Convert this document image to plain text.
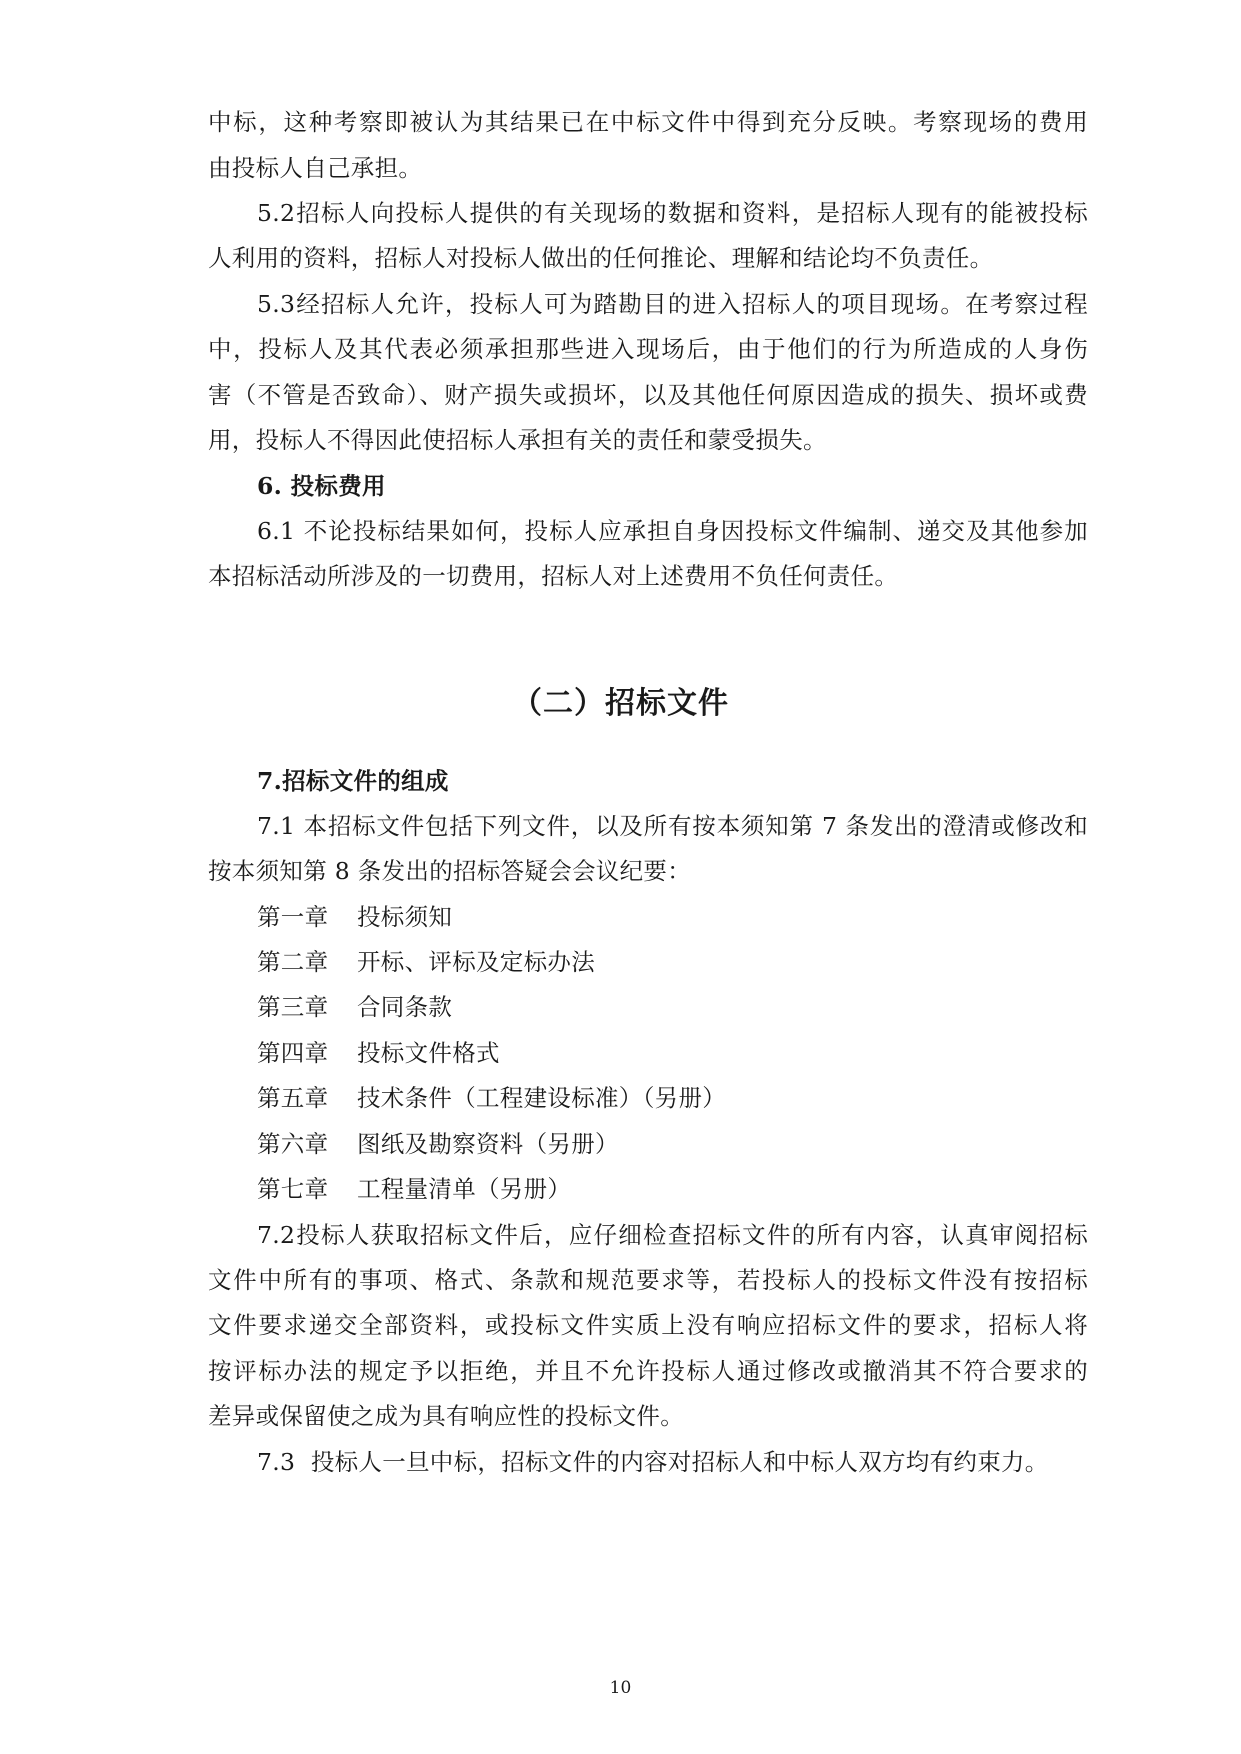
中标，这种考察即被认为其结果已在中标文件中得到充分反映。考察现场的费用
由投标人自己承担。
5.2招标人向投标人提供的有关现场的数据和资料，是招标人现有的能被投标
人利用的资料，招标人对投标人做出的任何推论、理解和结论均不负责任。
5.3经招标人允许，投标人可为踏勘目的进入招标人的项目现场。在考察过程
中，投标人及其代表必须承担那些进入现场后，由于他们的行为所造成的人身伤
害（不管是否致命）、财产损失或损坏，以及其他任何原因造成的损失、损坏或费
用，投标人不得因此使招标人承担有关的责任和蒙受损失。
6. 投标费用
6.1 不论投标结果如何，投标人应承担自身因投标文件编制、递交及其他参加
本招标活动所涉及的一切费用，招标人对上述费用不负任何责任。
（二）招标文件
7.招标文件的组成
7.1 本招标文件包括下列文件，以及所有按本须知第 7 条发出的澄清或修改和
按本须知第 8 条发出的招标答疑会会议纪要：
第一章 投标须知
第二章 开标、评标及定标办法
第三章 合同条款
第四章 投标文件格式
第五章 技术条件（工程建设标准）（另册）
第六章 图纸及勘察资料（另册）
第七章 工程量清单（另册）
7.2投标人获取招标文件后，应仔细检查招标文件的所有内容，认真审阅招标
文件中所有的事项、格式、条款和规范要求等，若投标人的投标文件没有按招标
文件要求递交全部资料，或投标文件实质上没有响应招标文件的要求，招标人将
按评标办法的规定予以拒绝，并且不允许投标人通过修改或撤消其不符合要求的
差异或保留使之成为具有响应性的投标文件。
7.3  投标人一旦中标，招标文件的内容对招标人和中标人双方均有约束力。
10
